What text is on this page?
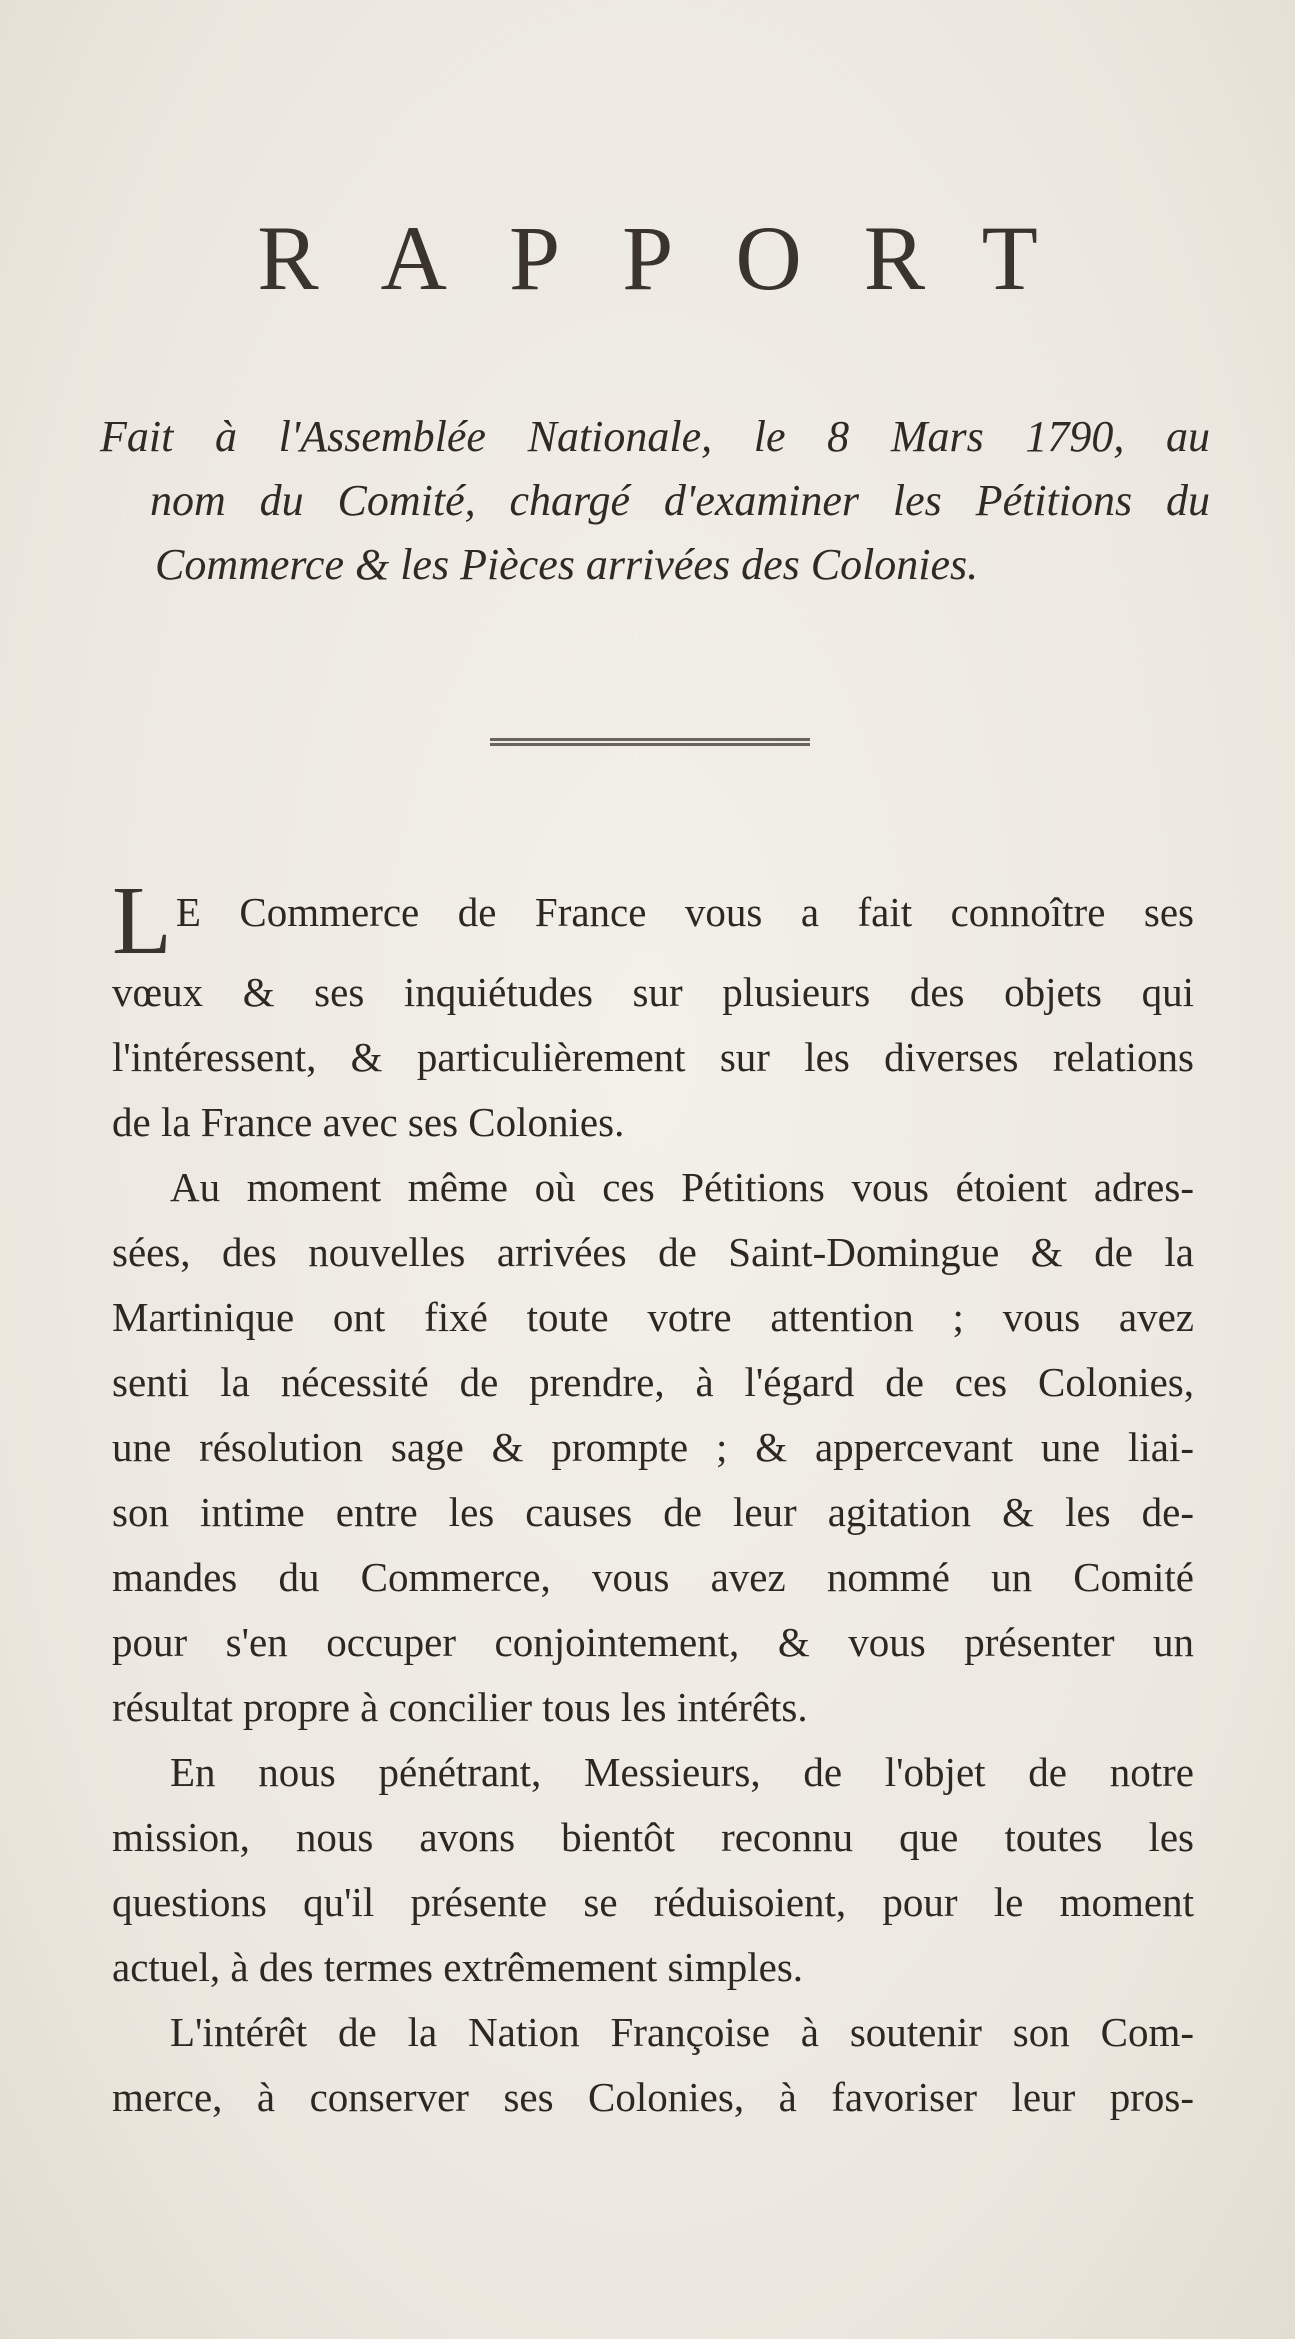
RAPPORT
Fait à l'Assemblée Nationale, le 8 Mars 1790, au
nom du Comité, chargé d'examiner les Pétitions du
Commerce & les Pièces arrivées des Colonies.
L E Commerce de France vous a fait connoître ses
vœux & ses inquiétudes sur plusieurs des objets qui
l'intéressent, & particulièrement sur les diverses relations
de la France avec ses Colonies.
Au moment même où ces Pétitions vous étoient adres-
sées, des nouvelles arrivées de Saint-Domingue & de la
Martinique ont fixé toute votre attention ; vous avez
senti la nécessité de prendre, à l'égard de ces Colonies,
une résolution sage & prompte ; & appercevant une liai-
son intime entre les causes de leur agitation & les de-
mandes du Commerce, vous avez nommé un Comité
pour s'en occuper conjointement, & vous présenter un
résultat propre à concilier tous les intérêts.
En nous pénétrant, Messieurs, de l'objet de notre
mission, nous avons bientôt reconnu que toutes les
questions qu'il présente se réduisoient, pour le moment
actuel, à des termes extrêmement simples.
L'intérêt de la Nation Françoise à soutenir son Com-
merce, à conserver ses Colonies, à favoriser leur pros-
